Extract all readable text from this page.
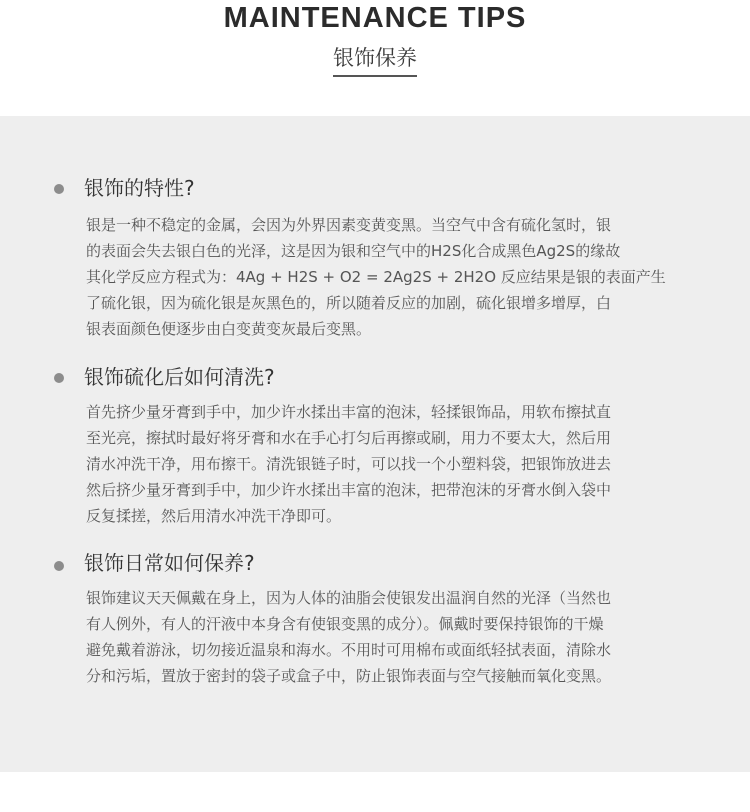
MAINTENANCE TIPS
银饰保养
银饰的特性?
银是一种不稳定的金属，会因为外界因素变黄变黑。当空气中含有硫化氢时，银
的表面会失去银白色的光泽，这是因为银和空气中的H2S化合成黑色Ag2S的缘故
其化学反应方程式为：4Ag + H2S + O2 = 2Ag2S + 2H2O 反应结果是银的表面产生
了硫化银，因为硫化银是灰黑色的，所以随着反应的加剧，硫化银增多增厚，白
银表面颜色便逐步由白变黄变灰最后变黑。
银饰硫化后如何清洗?
首先挤少量牙膏到手中，加少许水揉出丰富的泡沫，轻揉银饰品，用软布擦拭直
至光亮，擦拭时最好将牙膏和水在手心打匀后再擦或刷，用力不要太大，然后用
清水冲洗干净，用布擦干。清洗银链子时，可以找一个小塑料袋，把银饰放进去
然后挤少量牙膏到手中，加少许水揉出丰富的泡沫，把带泡沫的牙膏水倒入袋中
反复揉搓，然后用清水冲洗干净即可。
银饰日常如何保养?
银饰建议天天佩戴在身上，因为人体的油脂会使银发出温润自然的光泽（当然也
有人例外，有人的汗液中本身含有使银变黑的成分）。佩戴时要保持银饰的干燥
避免戴着游泳，切勿接近温泉和海水。不用时可用棉布或面纸轻拭表面，清除水
分和污垢，置放于密封的袋子或盒子中，防止银饰表面与空气接触而氧化变黑。
